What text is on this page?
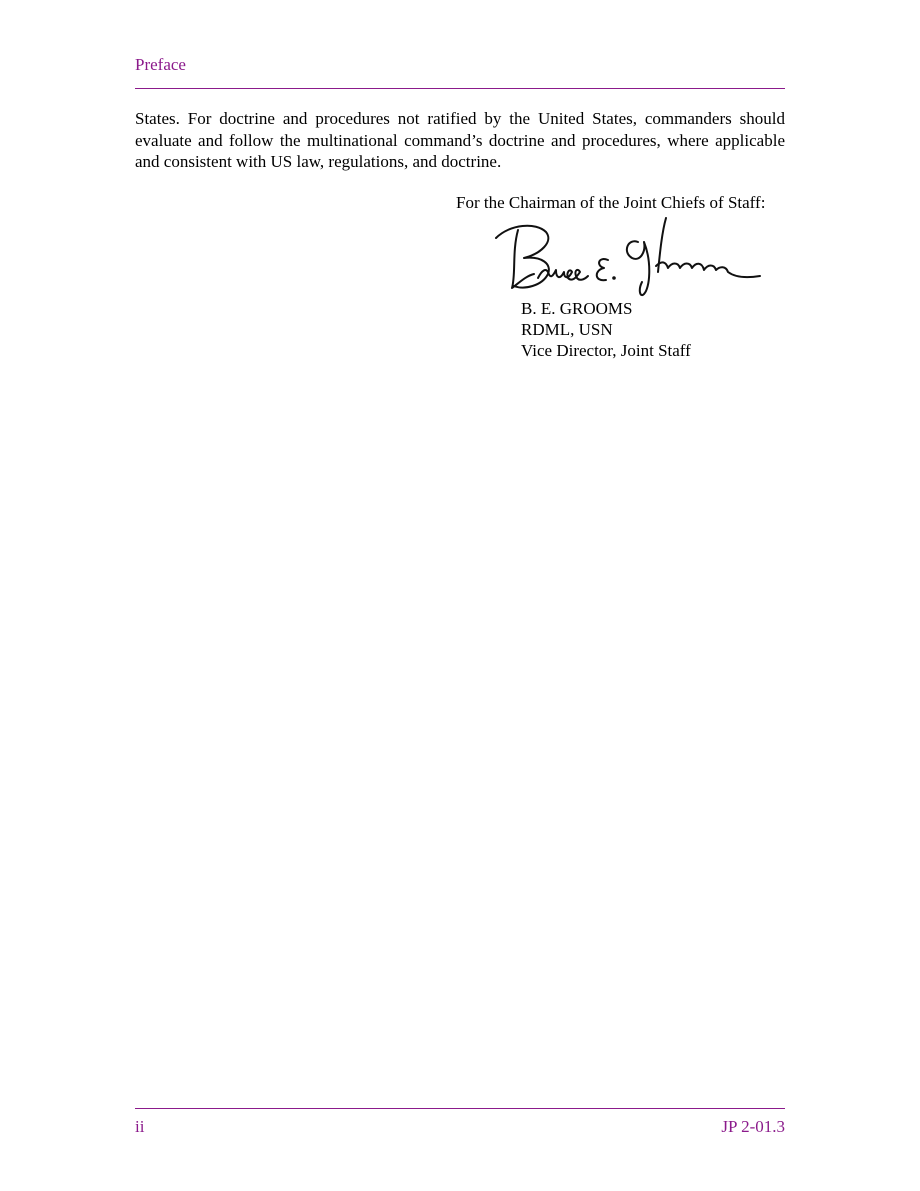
Preface

States. For doctrine and procedures not ratified by the United States, commanders should evaluate and follow the multinational command’s doctrine and procedures, where applicable and consistent with US law, regulations, and doctrine.

For the Chairman of the Joint Chiefs of Staff:
B. E. GROOMS
RDML, USN
Vice Director, Joint Staff
ii	JP 2-01.3
